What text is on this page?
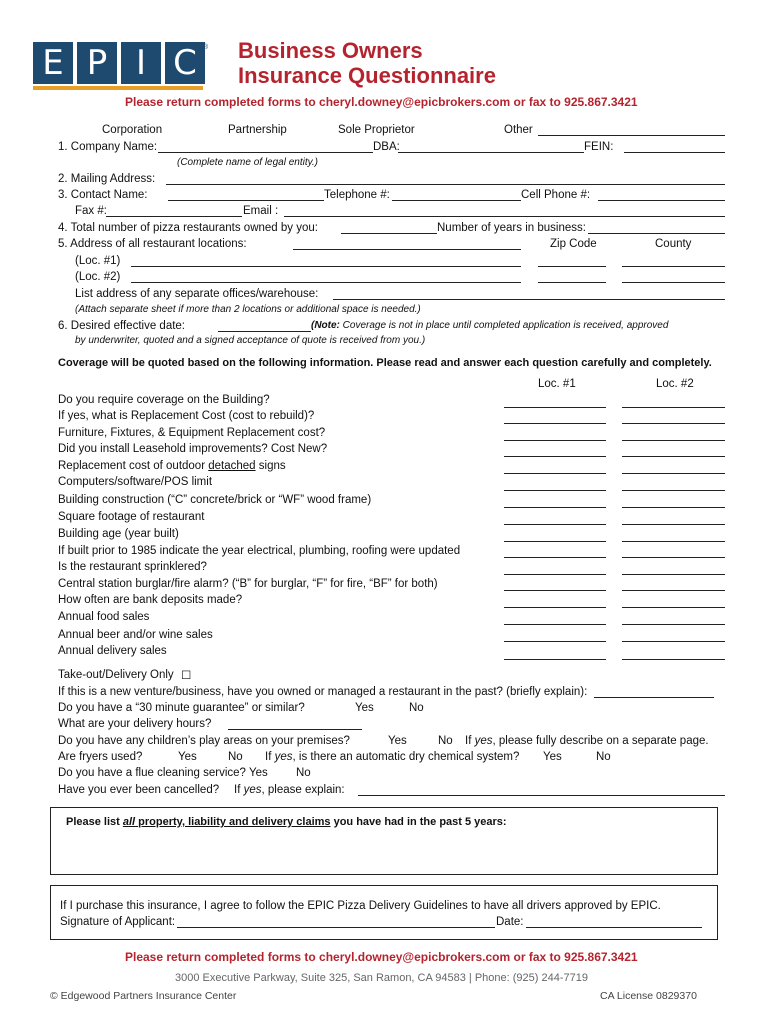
E P I C ® Business Owners
Insurance Questionnaire
Please return completed forms to cheryl.downey@epicbrokers.com or fax to 925.867.3421
Corporation	Partnership	Sole Proprietor	Other
1. Company Name:	DBA:	FEIN:
(Complete name of legal entity.)
2. Mailing Address:
3. Contact Name:	Telephone #:	Cell Phone #:
Fax #:	Email :
4. Total number of pizza restaurants owned by you:	Number of years in business:
5. Address of all restaurant locations:	Zip Code	County
(Loc. #1)
(Loc. #2)
List address of any separate offices/warehouse:
(Attach separate sheet if more than 2 locations or additional space is needed.)
6. Desired effective date:	(Note: Coverage is not in place until completed application is received, approved
by underwriter, quoted and a signed acceptance of quote is received from you.)
Coverage will be quoted based on the following information. Please read and answer each question carefully and completely.
Loc. #1	Loc. #2
Do you require coverage on the Building?
If yes, what is Replacement Cost (cost to rebuild)?
Furniture, Fixtures, & Equipment Replacement cost?
Did you install Leasehold improvements? Cost New?
Replacement cost of outdoor detached signs
Computers/software/POS limit
Building construction (“C” concrete/brick or “WF” wood frame)
Square footage of restaurant
Building age (year built)
If built prior to 1985 indicate the year electrical, plumbing, roofing were updated
Is the restaurant sprinklered?
Central station burglar/fire alarm? (“B” for burglar, “F” for fire, “BF” for both)
How often are bank deposits made?
Annual food sales
Annual beer and/or wine sales
Annual delivery sales
Take-out/Delivery Only ☐
If this is a new venture/business, have you owned or managed a restaurant in the past? (briefly explain):
Do you have a “30 minute guarantee” or similar?	Yes	No
What are your delivery hours?
Do you have any children’s play areas on your premises?	Yes	No If yes, please fully describe on a separate page.
Are fryers used?	Yes	No If yes, is there an automatic dry chemical system? Yes	No
Do you have a flue cleaning service? Yes No
Have you ever been cancelled? If yes, please explain:
Please list all property, liability and delivery claims you have had in the past 5 years:
If I purchase this insurance, I agree to follow the EPIC Pizza Delivery Guidelines to have all drivers approved by EPIC.
Signature of Applicant:	Date:
Please return completed forms to cheryl.downey@epicbrokers.com or fax to 925.867.3421
3000 Executive Parkway, Suite 325, San Ramon, CA 94583 | Phone: (925) 244-7719
© Edgewood Partners Insurance Center	CA License 0829370
